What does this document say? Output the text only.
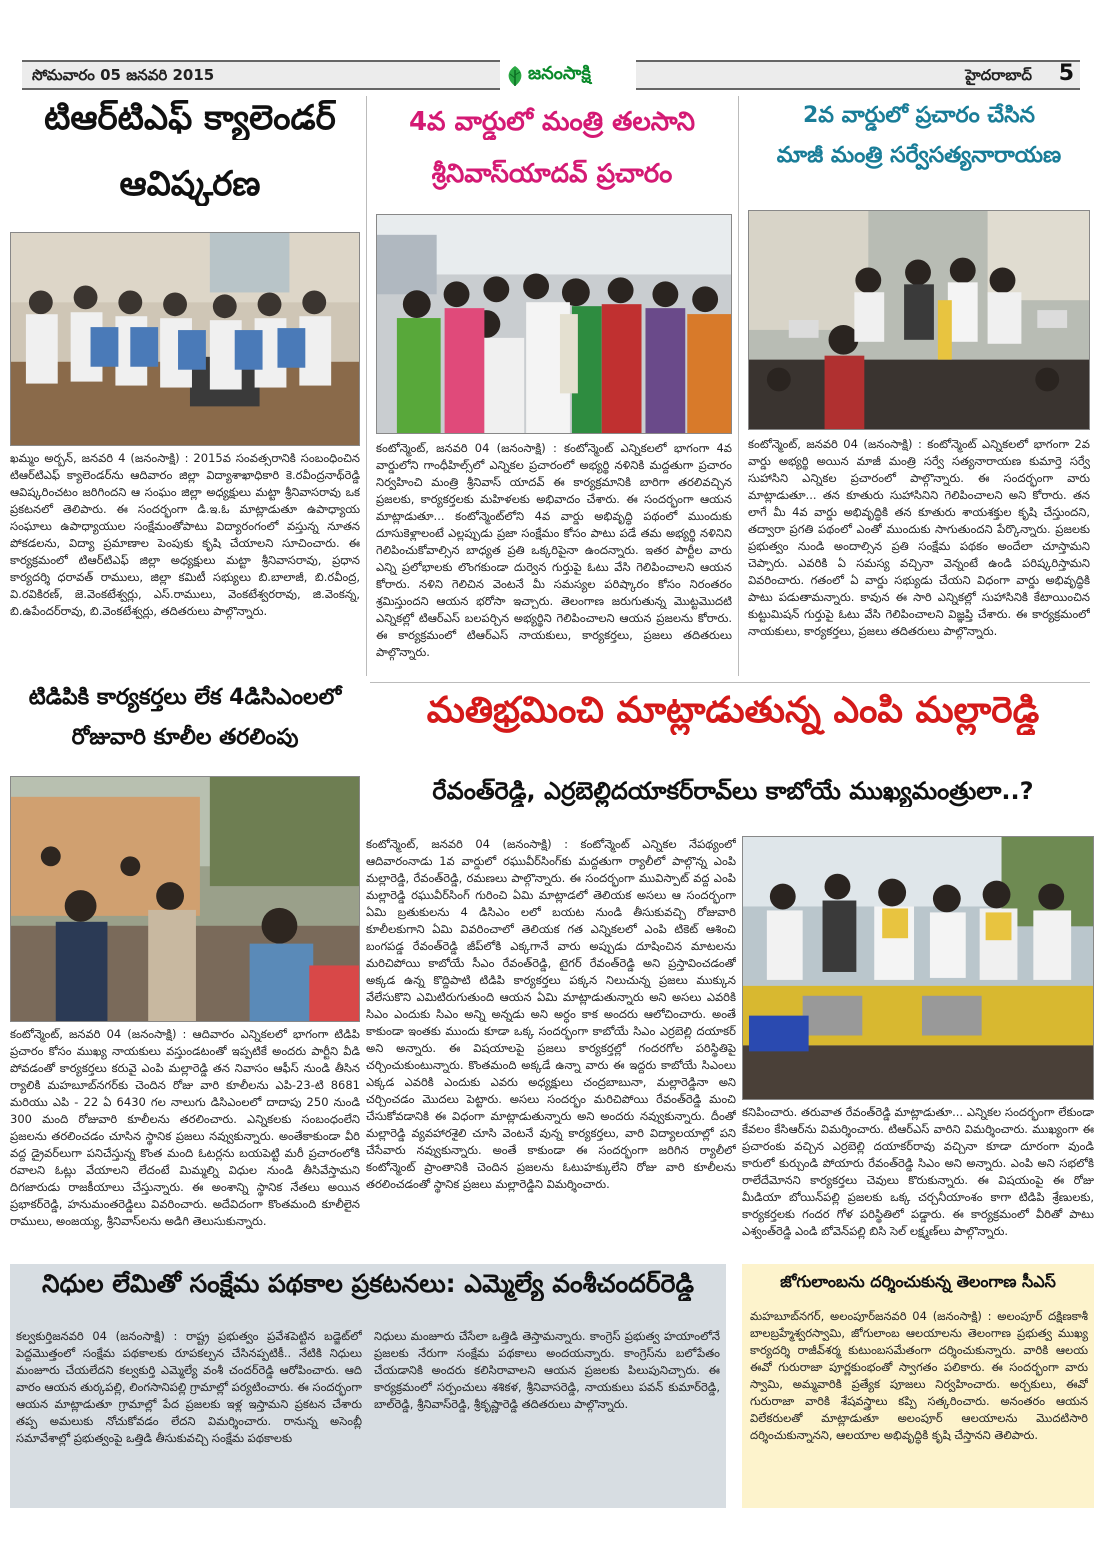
సోమవారం 05 జనవరి 2015	జనంసాక్షి	హైదరాబాద్ 5
టిఆర్‌టిఎఫ్ క్యాలెండర్
ఆవిష్కరణ
ఖమ్మం అర్బన్, జనవరి 4 (జనంసాక్షి) : 2015వ సంవత్సరానికి సంబంధించిన టిఆర్‌టిఎఫ్ క్యాలెండర్‌ను ఆదివారం జిల్లా విద్యాశాఖాధికారి కె.రవీంద్రనాథ్‌రెడ్డి ఆవిష్కరించటం జరిగిందని ఆ సంఘం జిల్లా అధ్యక్షులు మట్టా శ్రీనివాసరావు ఒక ప్రకటనలో తెలిపారు. ఈ సందర్భంగా డి.ఇ.ఓ మాట్లాడుతూ ఉపాధ్యాయ సంఘాలు ఉపాధ్యాయుల సంక్షేమంతోపాటు విద్యారంగంలో వస్తున్న నూతన పోకడలను, విద్యా ప్రమాణాల పెంపుకు కృషి చేయాలని సూచించారు. ఈ కార్యక్రమంలో టిఆర్‌టిఎఫ్ జిల్లా అధ్యక్షులు మట్టా శ్రీనివాసరావు, ప్రధాన కార్యదర్శి ధరావత్ రాములు, జిల్లా కమిటీ సభ్యులు బి.బాలాజీ, బి.రవీంద్ర, వి.రవికిరణ్, జె.వెంకటేశ్వర్లు, ఎస్.రాములు, వెంకటేశ్వరరావు, జి.వెంకన్న, బి.ఉపేందర్‌రావు, బి.వెంకటేశ్వర్లు, తదితరులు పాల్గొన్నారు.
టిడిపికి కార్యకర్తలు లేక 4డిసిఎంలలో
రోజువారి కూలీల తరలింపు
కంటోన్మెంట్, జనవరి 04 (జనంసాక్షి) : ఆదివారం ఎన్నికలలో భాగంగా టిడిపి ప్రచారం కోసం ముఖ్య నాయకులు వస్తుండటంతో ఇప్పటికే అందరు పార్టీని వీడి పోవడంతో కార్యకర్తలు కరువై ఎంపి మల్లారెడ్డి తన నివాసం ఆఫీస్ నుండి తీసిన ర్యాలికి మహబూబ్‌నగర్‌కు చెందిన రోజు వారి కూలీలను ఎపి-23-టి 8681 మరియు ఎపి - 22 ఏ 6430 గల నాలుగు డిసిఎంలలో దాదాపు 250 నుండి 300 మంది రోజువారి కూలీలను తరలించారు. ఎన్నికలకు సంబంధంలేని ప్రజలను తరలించడం చూసిన స్థానిక ప్రజలు నవ్వుకున్నారు. అంతేకాకుండా వీరి వద్ద డ్రైవర్‌లుగా పనిచేస్తున్న కొంత మంది ఓటర్లను బయపెట్టి మరీ ప్రచారంలోకి రవాలని ఓట్లు వేయాలని లేదంటే మిమ్మల్ని విధుల నుండి తీసివేస్తామని దిగజారుడు రాజకీయాలు చేస్తున్నారు. ఈ అంశాన్ని స్థానిక నేతలు అయిన ప్రభాకర్‌రెడ్డి, హనుమంతరెడ్డిలు వివరించారు. అదేవిదంగా కొంతమంది కూలీలైన రాములు, అంజయ్య, శ్రీనివాస్‌లను అడిగి తెలుసుకున్నారు.
4వ వార్డులో మంత్రి తలసాని
శ్రీనివాస్‌యాదవ్ ప్రచారం
కంటోన్మెంట్, జనవరి 04 (జనంసాక్షి) : కంటోన్మెంట్ ఎన్నికలలో భాగంగా 4వ వార్డులోని గాంధీహిల్స్‌లో ఎన్నికల ప్రచారంలో అభ్యర్థి నళినికి మద్దతుగా ప్రచారం నిర్వహించి మంత్రి శ్రీనివాస్ యాదవ్ ఈ కార్యక్రమానికి బారిగా తరలివచ్చిన ప్రజలకు, కార్యకర్తలకు మహిళలకు అభివాదం చేశారు. ఈ సందర్భంగా ఆయన మాట్లాడుతూ... కంటోన్మెంట్‌లోని 4వ వార్డు అభివృద్ధి పథంలో ముందుకు దూసుకెళ్లాలంటే ఎల్లప్పుడు ప్రజా సంక్షేమం కోసం పాటు పడే తమ అభ్యర్థి నళినిని గెలిపించుకోవాల్సిన బాధ్యత ప్రతి ఒక్కరిపైనా ఉందన్నారు. ఇతర పార్టీల వారు ఎన్ని ప్రలోభాలకు లొంగకుండా దుర్వెన గుర్తుపై ఓటు వేసి గెలిపించాలని ఆయన కోరారు. నళిని గెలిచిన వెంటనే మీ సమస్యల పరిష్కారం కోసం నిరంతరం శ్రమిస్తుందని ఆయన భరోసా ఇచ్చారు. తెలంగాణ జరుగుతున్న మొట్టమొదటి ఎన్నికల్లో టిఆర్‌ఎస్ బలపర్చిన అభ్యర్థిని గెలిపించాలని ఆయన ప్రజలను కోరారు. ఈ కార్యక్రమంలో టిఆర్‌ఎస్ నాయకులు, కార్యకర్తలు, ప్రజలు తదితరులు పాల్గొన్నారు.
2వ వార్డులో ప్రచారం చేసిన
మాజీ మంత్రి సర్వేసత్యనారాయణ
కంటోన్మెంట్, జనవరి 04 (జనంసాక్షి) : కంటోన్మెంట్ ఎన్నికలలో భాగంగా 2వ వార్డు అభ్యర్థి అయిన మాజీ మంత్రి సర్వే సత్యనారాయణ కుమార్తె సర్వే సుహాసిని ఎన్నికల ప్రచారంలో పాల్గొన్నారు. ఈ సందర్భంగా వారు మాట్లాడుతూ... తన కూతురు సుహాసినిని గెలిపించాలని అని కోరారు. తన లాగే మీ 4వ వార్డు అభివృద్ధికి తన కూతురు శాయశక్తుల కృషి చేస్తుందని, తద్వారా ప్రగతి పథంలో ఎంతో ముందుకు సాగుతుందని పేర్కొన్నారు. ప్రజలకు ప్రభుత్వం నుండి అందాల్సిన ప్రతి సంక్షేమ పథకం అందేలా చూస్తామని చెప్పారు. ఎవరికి ఏ సమస్య వచ్చినా వెన్నంటే ఉండి పరిష్కరిస్తామని వివరించారు. గతంలో ఏ వార్డు సభ్యుడు చేయని విధంగా వార్డు అభివృద్ధికి పాటు పడుతామన్నారు. కావున ఈ సారి ఎన్నికల్లో సుహాసినికి కేటాయించిన కుట్టుమిషన్ గుర్తుపై ఓటు వేసి గెలిపించాలని విజ్ఞప్తి చేశారు. ఈ కార్యక్రమంలో నాయకులు, కార్యకర్తలు, ప్రజలు తదితరులు పాల్గొన్నారు.
మతిభ్రమించి మాట్లాడుతున్న ఎంపి మల్లారెడ్డి
రేవంత్‌రెడ్డి, ఎర్రబెల్లిదయాకర్‌రావ్‌లు కాబోయే ముఖ్యమంత్రులా..?
కంటోన్మెంట్, జనవరి 04 (జనంసాక్షి) : కంటోన్మెంట్ ఎన్నికల నేపథ్యంలో ఆదివారంనాడు 1వ వార్డులో రఘువీర్‌సింగ్‌కు మద్దతుగా ర్యాలీలో పాల్గొన్న ఎంపి మల్లారెడ్డి, రేవంత్‌రెడ్డి, రమణలు పాల్గొన్నారు. ఈ సందర్భంగా మువిస్పాట్ వద్ద ఎంపి మల్లారెడ్డి రఘువీర్‌సింగ్ గురించి ఏమి మాట్లాడలో తెలియక అసలు ఆ సందర్భంగా ఏమి బ్రతుకులను 4 డిసిఎం లలో బయట నుండి తీసుకువచ్చి రోజువారి కూలీలకుగాని ఏమి వివరించాలో తెలియక గత ఎన్నికలలో ఎంపి టికెట్ ఆశించి బంగపడ్డ రేవంత్‌రెడ్డి జీప్‌లోకి ఎక్కగానే వారు అప్పుడు దూషించిన మాటలను మరిచిపోయి కాబోయే సీఎం రేవంత్‌రెడ్డి, టైగర్ రేవంత్‌రెడ్డి అని ప్రస్తావించడంతో అక్కడ ఉన్న కొద్దిపాటి టిడిపి కార్యకర్తలు పక్కన నిలుచున్న ప్రజలు ముక్కున వేలేసుకొని ఎమిటిరుగుతుంది ఆయన ఏమి మాట్లాడుతున్నారు అని అసలు ఎవరికి సిఎం ఎందుకు సిఎం అన్ని అన్నడు అని అర్ధం కాక అందరు ఆలోచించారు. అంతే కాకుండా ఇంతకు ముందు కూడా ఒక్క సందర్భంగా కాబోయే సిఎం ఎర్రబెల్లి దయాకర్ అని అన్నారు. ఈ విషయాలపై ప్రజలు కార్యకర్తల్లో గందరగోల పరిస్థితిపై చర్చించుకుంటున్నారు. కొంతమంది అక్కడే ఉన్నా వారు ఈ ఇద్దరు కాబోయే సిఎంలు ఎక్కడ ఎవరికి ఎందుకు ఎవరు అధ్యక్షులు చంద్రబాబునా, మల్లారెడ్డినా అని చర్చించడం మొదలు పెట్టారు. అసలు సందర్భం మరిచిపోయి రేవంత్‌రెడ్డి మంచి చేసుకోవడానికి ఈ విధంగా మాట్లాడుతున్నారు అని అందరు నవ్వుకున్నారు. దీంతో మల్లారెడ్డి వ్యవహారశైలి చూసి వెంటనే వున్న కార్యకర్తలు, వారి విద్యాలయాల్లో పని చేసేవారు నవ్వుకున్నారు. అంతే కాకుండా ఈ సందర్భంగా జరిగిన ర్యాలీలో కంటోన్మెంట్ ప్రాంతానికి చెందిన ప్రజలను ఓటుహక్కులేని రోజు వారి కూలీలను తరలించడంతో స్థానిక ప్రజలు మల్లారెడ్డిని విమర్శించారు.
కనిపించారు. తరువాత రేవంత్‌రెడ్డి మాట్లాడుతూ... ఎన్నికల సందర్భంగా లేకుండా కేవలం కేసిఆర్‌ను విమర్శించారు. టిఆర్‌ఎస్ వారిని విమర్శించారు. ముఖ్యంగా ఈ ప్రచారంకు వచ్చిన ఎర్రబెల్లి దయాకర్‌రావు వచ్చినా కూడా దూరంగా వుండి కారులో కుర్చుండి పోయారు రేవంత్‌రెడ్డి సిఎం అని అన్నారు. ఎంపి అని సభలోకి రాలేదేమోనని కార్యకర్తలు చెవులు కొరుకున్నారు. ఈ విషయంపై ఈ రోజు మీడియా బోయిన్‌పల్లి ప్రజలకు ఒక్క చర్చనీయాంశం కాగా టిడిపి శ్రేణులకు, కార్యకర్తలకు గందర గోళ పరిస్థితిలో పడ్డారు. ఈ కార్యక్రమంలో వీరితో పాటు ఎశ్వంత్‌రెడ్డి ఎండి బోవెన్‌పల్లి బిసి సెల్ లక్ష్మణ్‌లు పాల్గొన్నారు.
నిధుల లేమితో సంక్షేమ పథకాల ప్రకటనలు: ఎమ్మెల్యే వంశీచందర్‌రెడ్డి
కల్వకుర్తిజనవరి 04 (జనంసాక్షి) : రాష్ట్ర ప్రభుత్వం ప్రవేశపెట్టిన బడ్జెట్‌లో పెద్దమొత్తంలో సంక్షేమ పథకాలకు రూపకల్పన చేసినప్పటికీ.. నేటికి నిధులు మంజూరు చేయలేదని కల్వకుర్తి ఎమ్మెల్యే వంశీ చందర్‌రెడ్డి ఆరోపించారు. ఆది వారం ఆయన తుర్కపల్లి, లింగసానిపల్లి గ్రామాల్లో పర్యటించారు. ఈ సందర్భంగా ఆయన మాట్లాడుతూ గ్రామాల్లో పేద ప్రజలకు ఇళ్ల ఇస్తామని ప్రకటన చేశారు తప్ప అమలుకు నోచుకోవడం లేదని విమర్శించారు. రానున్న అసెంబ్లీ సమావేశాల్లో ప్రభుత్వంపై ఒత్తిడి తీసుకువచ్చి సంక్షేమ పథకాలకు
నిధులు మంజూరు చేసేలా ఒత్తిడి తెస్తామన్నారు. కాంగ్రెస్ ప్రభుత్వ హయాంలోనే ప్రజలకు నేరుగా సంక్షేమ పథకాలు అందయన్నారు. కాంగ్రెస్‌ను బలోపేతం చేయడానికి అందరు కలిసిరావాలని ఆయన ప్రజలకు పిలుపునిచ్చారు. ఈ కార్యక్రమంలో సర్పంచులు శశికళ, శ్రీనివాసరెడ్డి, నాయకులు పవన్ కుమార్‌రెడ్డి, బాల్‌రెడ్డి, శ్రీనివాస్‌రెడ్డి, శ్రీకృష్ణారెడ్డి తదితరులు పాల్గొన్నారు.
జోగులాంబను దర్శించుకున్న తెలంగాణ సీఎస్
మహబూబ్‌నగర్, అలంపూర్‌జనవరి 04 (జనంసాక్షి) : అలంపూర్ దక్షిణకాశీ బాలబ్రహ్మేశ్వరస్వామి, జోగులాంబ ఆలయాలను తెలంగాణ ప్రభుత్వ ముఖ్య కార్యదర్శి రాజీవ్‌శర్మ కుటుంబసమేతంగా దర్శించుకున్నారు. వారికి ఆలయ ఈవో గురురాజా పూర్ణకుంభంతో స్వాగతం పలికారు. ఈ సందర్భంగా వారు స్వామి, అమ్మవారికి ప్రత్యేక పూజలు నిర్వహించారు. అర్చకులు, ఈవో గురురాజా వారికి శేషవస్త్రాలు కప్పి సత్కరించారు. అనంతరం ఆయన విలేకరులతో మాట్లాడుతూ అలంపూర్ ఆలయాలను మొదటిసారి దర్శించుకున్నానని, ఆలయాల అభివృద్ధికి కృషి చేస్తానని తెలిపారు.
